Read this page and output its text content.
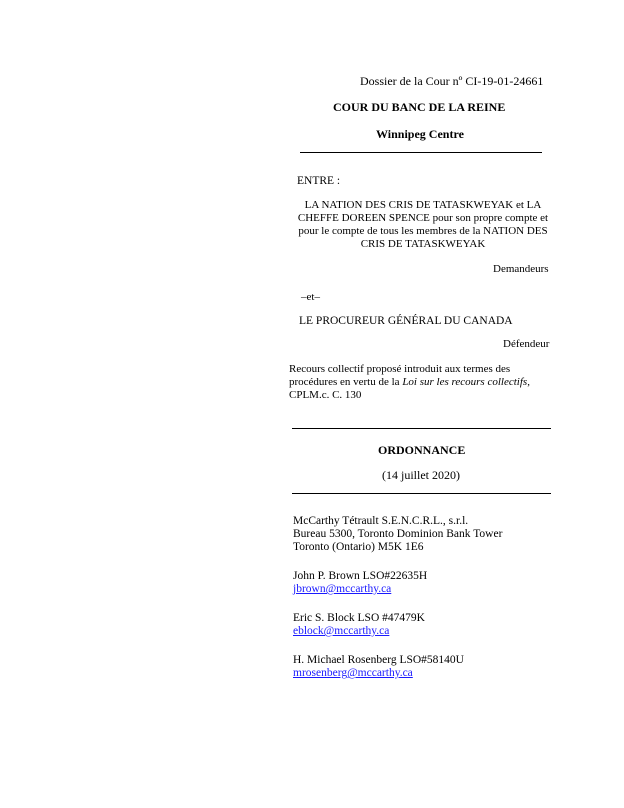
Dossier de la Cour nº CI-19-01-24661
COUR DU BANC DE LA REINE
Winnipeg Centre
ENTRE :
LA NATION DES CRIS DE TATASKWEYAK et LA
CHEFFE DOREEN SPENCE pour son propre compte et
pour le compte de tous les membres de la NATION DES
CRIS DE TATASKWEYAK
Demandeurs
–et–
LE PROCUREUR GÉNÉRAL DU CANADA
Défendeur
Recours collectif proposé introduit aux termes des
procédures en vertu de la Loi sur les recours collectifs,
CPLM.c. C. 130
ORDONNANCE
(14 juillet 2020)
McCarthy Tétrault S.E.N.C.R.L., s.r.l.
Bureau 5300, Toronto Dominion Bank Tower
Toronto (Ontario) M5K 1E6
John P. Brown LSO#22635H
jbrown@mccarthy.ca
Eric S. Block LSO #47479K
eblock@mccarthy.ca
H. Michael Rosenberg LSO#58140U
mrosenberg@mccarthy.ca
